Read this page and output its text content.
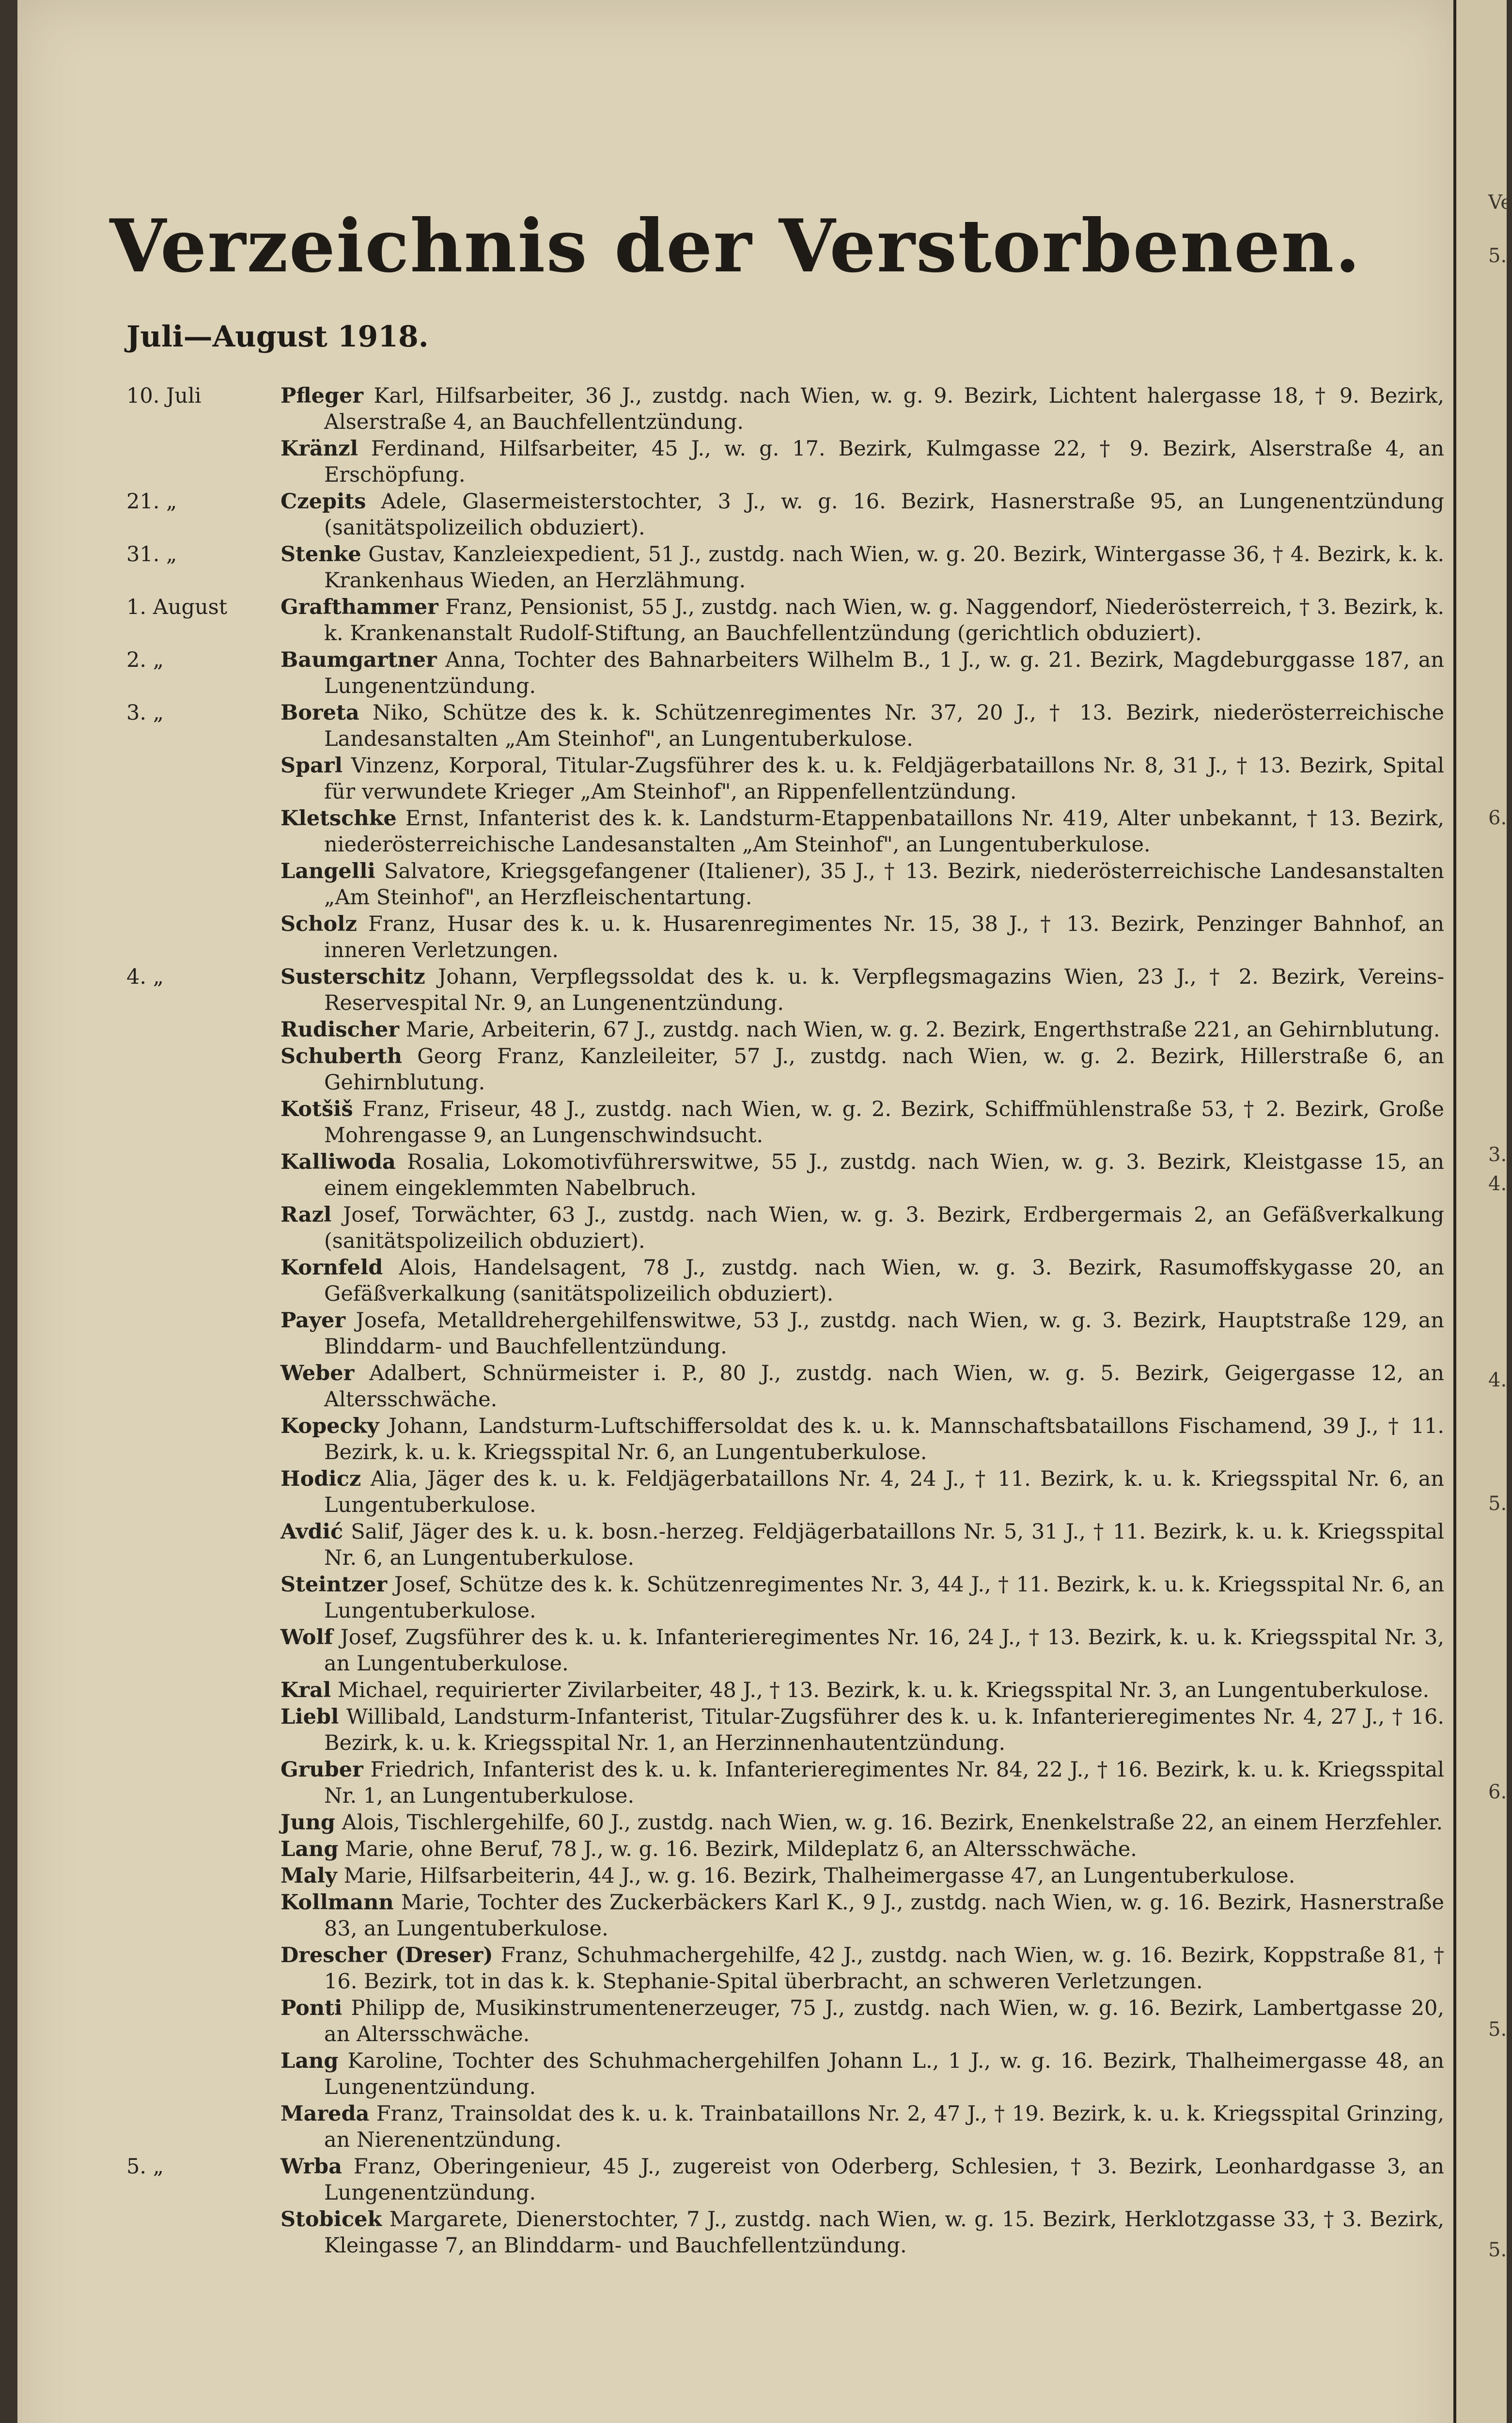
Verzeichnis der Verstorbenen.
Juli—August 1918.
10. Juli	Pfleger Karl, Hilfsarbeiter, 36 J., zustdg. nach Wien, w. g. 9. Bezirk, Lichtent halergasse 18, † 9. Bezirk, Alserstraße 4, an Bauchfellentzündung.
Kränzl Ferdinand, Hilfsarbeiter, 45 J., w. g. 17. Bezirk, Kulmgasse 22, † 9. Bezirk, Alserstraße 4, an Erschöpfung.
21. „	Czepits Adele, Glasermeisterstochter, 3 J., w. g. 16. Bezirk, Hasnerstraße 95, an Lungenentzündung (sanitätspolizeilich obduziert).
31. „	Stenke Gustav, Kanzleiexpedient, 51 J., zustdg. nach Wien, w. g. 20. Bezirk, Wintergasse 36, † 4. Bezirk, k. k. Krankenhaus Wieden, an Herzlähmung.
1. August	Grafthammer Franz, Pensionist, 55 J., zustdg. nach Wien, w. g. Naggendorf, Niederösterreich, † 3. Bezirk, k. k. Krankenanstalt Rudolf-Stiftung, an Bauchfellentzündung (gerichtlich obduziert).
2. „	Baumgartner Anna, Tochter des Bahnarbeiters Wilhelm B., 1 J., w. g. 21. Bezirk, Magdeburggasse 187, an Lungenentzündung.
3. „	Boreta Niko, Schütze des k. k. Schützenregimentes Nr. 37, 20 J., † 13. Bezirk, niederösterreichische Landesanstalten „Am Steinhof", an Lungentuberkulose.
Sparl Vinzenz, Korporal, Titular-Zugsführer des k. u. k. Feldjägerbataillons Nr. 8, 31 J., † 13. Bezirk, Spital für verwundete Krieger „Am Steinhof", an Rippenfellentzündung.
Kletschke Ernst, Infanterist des k. k. Landsturm-Etappenbataillons Nr. 419, Alter unbekannt, † 13. Bezirk, niederösterreichische Landesanstalten „Am Steinhof", an Lungentuberkulose.
Langelli Salvatore, Kriegsgefangener (Italiener), 35 J., † 13. Bezirk, niederösterreichische Landesanstalten „Am Steinhof", an Herzfleischentartung.
Scholz Franz, Husar des k. u. k. Husarenregimentes Nr. 15, 38 J., † 13. Bezirk, Penzinger Bahnhof, an inneren Verletzungen.
4. „	Susterschitz Johann, Verpflegssoldat des k. u. k. Verpflegsmagazins Wien, 23 J., † 2. Bezirk, Vereins-Reservespital Nr. 9, an Lungenentzündung.
Rudischer Marie, Arbeiterin, 67 J., zustdg. nach Wien, w. g. 2. Bezirk, Engerthstraße 221, an Gehirnblutung.
Schuberth Georg Franz, Kanzleileiter, 57 J., zustdg. nach Wien, w. g. 2. Bezirk, Hillerstraße 6, an Gehirnblutung.
Kotšiš Franz, Friseur, 48 J., zustdg. nach Wien, w. g. 2. Bezirk, Schiffmühlenstraße 53, † 2. Bezirk, Große Mohrengasse 9, an Lungenschwindsucht.
Kalliwoda Rosalia, Lokomotivführerswitwe, 55 J., zustdg. nach Wien, w. g. 3. Bezirk, Kleistgasse 15, an einem eingeklemmten Nabelbruch.
Razl Josef, Torwächter, 63 J., zustdg. nach Wien, w. g. 3. Bezirk, Erdbergermais 2, an Gefäßverkalkung (sanitätspolizeilich obduziert).
Kornfeld Alois, Handelsagent, 78 J., zustdg. nach Wien, w. g. 3. Bezirk, Rasumoffskygasse 20, an Gefäßverkalkung (sanitätspolizeilich obduziert).
Payer Josefa, Metalldrehergehilfenswitwe, 53 J., zustdg. nach Wien, w. g. 3. Bezirk, Hauptstraße 129, an Blinddarm- und Bauchfellentzündung.
Weber Adalbert, Schnürmeister i. P., 80 J., zustdg. nach Wien, w. g. 5. Bezirk, Geigergasse 12, an Altersschwäche.
Kopecky Johann, Landsturm-Luftschiffersoldat des k. u. k. Mannschaftsbataillons Fischamend, 39 J., † 11. Bezirk, k. u. k. Kriegsspital Nr. 6, an Lungentuberkulose.
Hodicz Alia, Jäger des k. u. k. Feldjägerbataillons Nr. 4, 24 J., † 11. Bezirk, k. u. k. Kriegsspital Nr. 6, an Lungentuberkulose.
Avdić Salif, Jäger des k. u. k. bosn.-herzeg. Feldjägerbataillons Nr. 5, 31 J., † 11. Bezirk, k. u. k. Kriegsspital Nr. 6, an Lungentuberkulose.
Steintzer Josef, Schütze des k. k. Schützenregimentes Nr. 3, 44 J., † 11. Bezirk, k. u. k. Kriegsspital Nr. 6, an Lungentuberkulose.
Wolf Josef, Zugsführer des k. u. k. Infanterieregimentes Nr. 16, 24 J., † 13. Bezirk, k. u. k. Kriegsspital Nr. 3, an Lungentuberkulose.
Kral Michael, requirierter Zivilarbeiter, 48 J., † 13. Bezirk, k. u. k. Kriegsspital Nr. 3, an Lungentuberkulose.
Liebl Willibald, Landsturm-Infanterist, Titular-Zugsführer des k. u. k. Infanterieregimentes Nr. 4, 27 J., † 16. Bezirk, k. u. k. Kriegsspital Nr. 1, an Herzinnenhautentzündung.
Gruber Friedrich, Infanterist des k. u. k. Infanterieregimentes Nr. 84, 22 J., † 16. Bezirk, k. u. k. Kriegsspital Nr. 1, an Lungentuberkulose.
Jung Alois, Tischlergehilfe, 60 J., zustdg. nach Wien, w. g. 16. Bezirk, Enenkelstraße 22, an einem Herzfehler.
Lang Marie, ohne Beruf, 78 J., w. g. 16. Bezirk, Mildeplatz 6, an Altersschwäche.
Maly Marie, Hilfsarbeiterin, 44 J., w. g. 16. Bezirk, Thalheimergasse 47, an Lungentuberkulose.
Kollmann Marie, Tochter des Zuckerbäckers Karl K., 9 J., zustdg. nach Wien, w. g. 16. Bezirk, Hasnerstraße 83, an Lungentuberkulose.
Drescher (Dreser) Franz, Schuhmachergehilfe, 42 J., zustdg. nach Wien, w. g. 16. Bezirk, Koppstraße 81, † 16. Bezirk, tot in das k. k. Stephanie-Spital überbracht, an schweren Verletzungen.
Ponti Philipp de, Musikinstrumentenerzeuger, 75 J., zustdg. nach Wien, w. g. 16. Bezirk, Lambertgasse 20, an Altersschwäche.
Lang Karoline, Tochter des Schuhmachergehilfen Johann L., 1 J., w. g. 16. Bezirk, Thalheimergasse 48, an Lungenentzündung.
Mareda Franz, Trainsoldat des k. u. k. Trainbataillons Nr. 2, 47 J., † 19. Bezirk, k. u. k. Kriegsspital Grinzing, an Nierenentzündung.
5. „	Wrba Franz, Oberingenieur, 45 J., zugereist von Oderberg, Schlesien, † 3. Bezirk, Leonhardgasse 3, an Lungenentzündung.
Stobicek Margarete, Dienerstochter, 7 J., zustdg. nach Wien, w. g. 15. Bezirk, Herklotzgasse 33, † 3. Bezirk, Kleingasse 7, an Blinddarm- und Bauchfellentzündung.
Ve
5.
6.
3.
4.
4.
5.
6.
5.
5.
